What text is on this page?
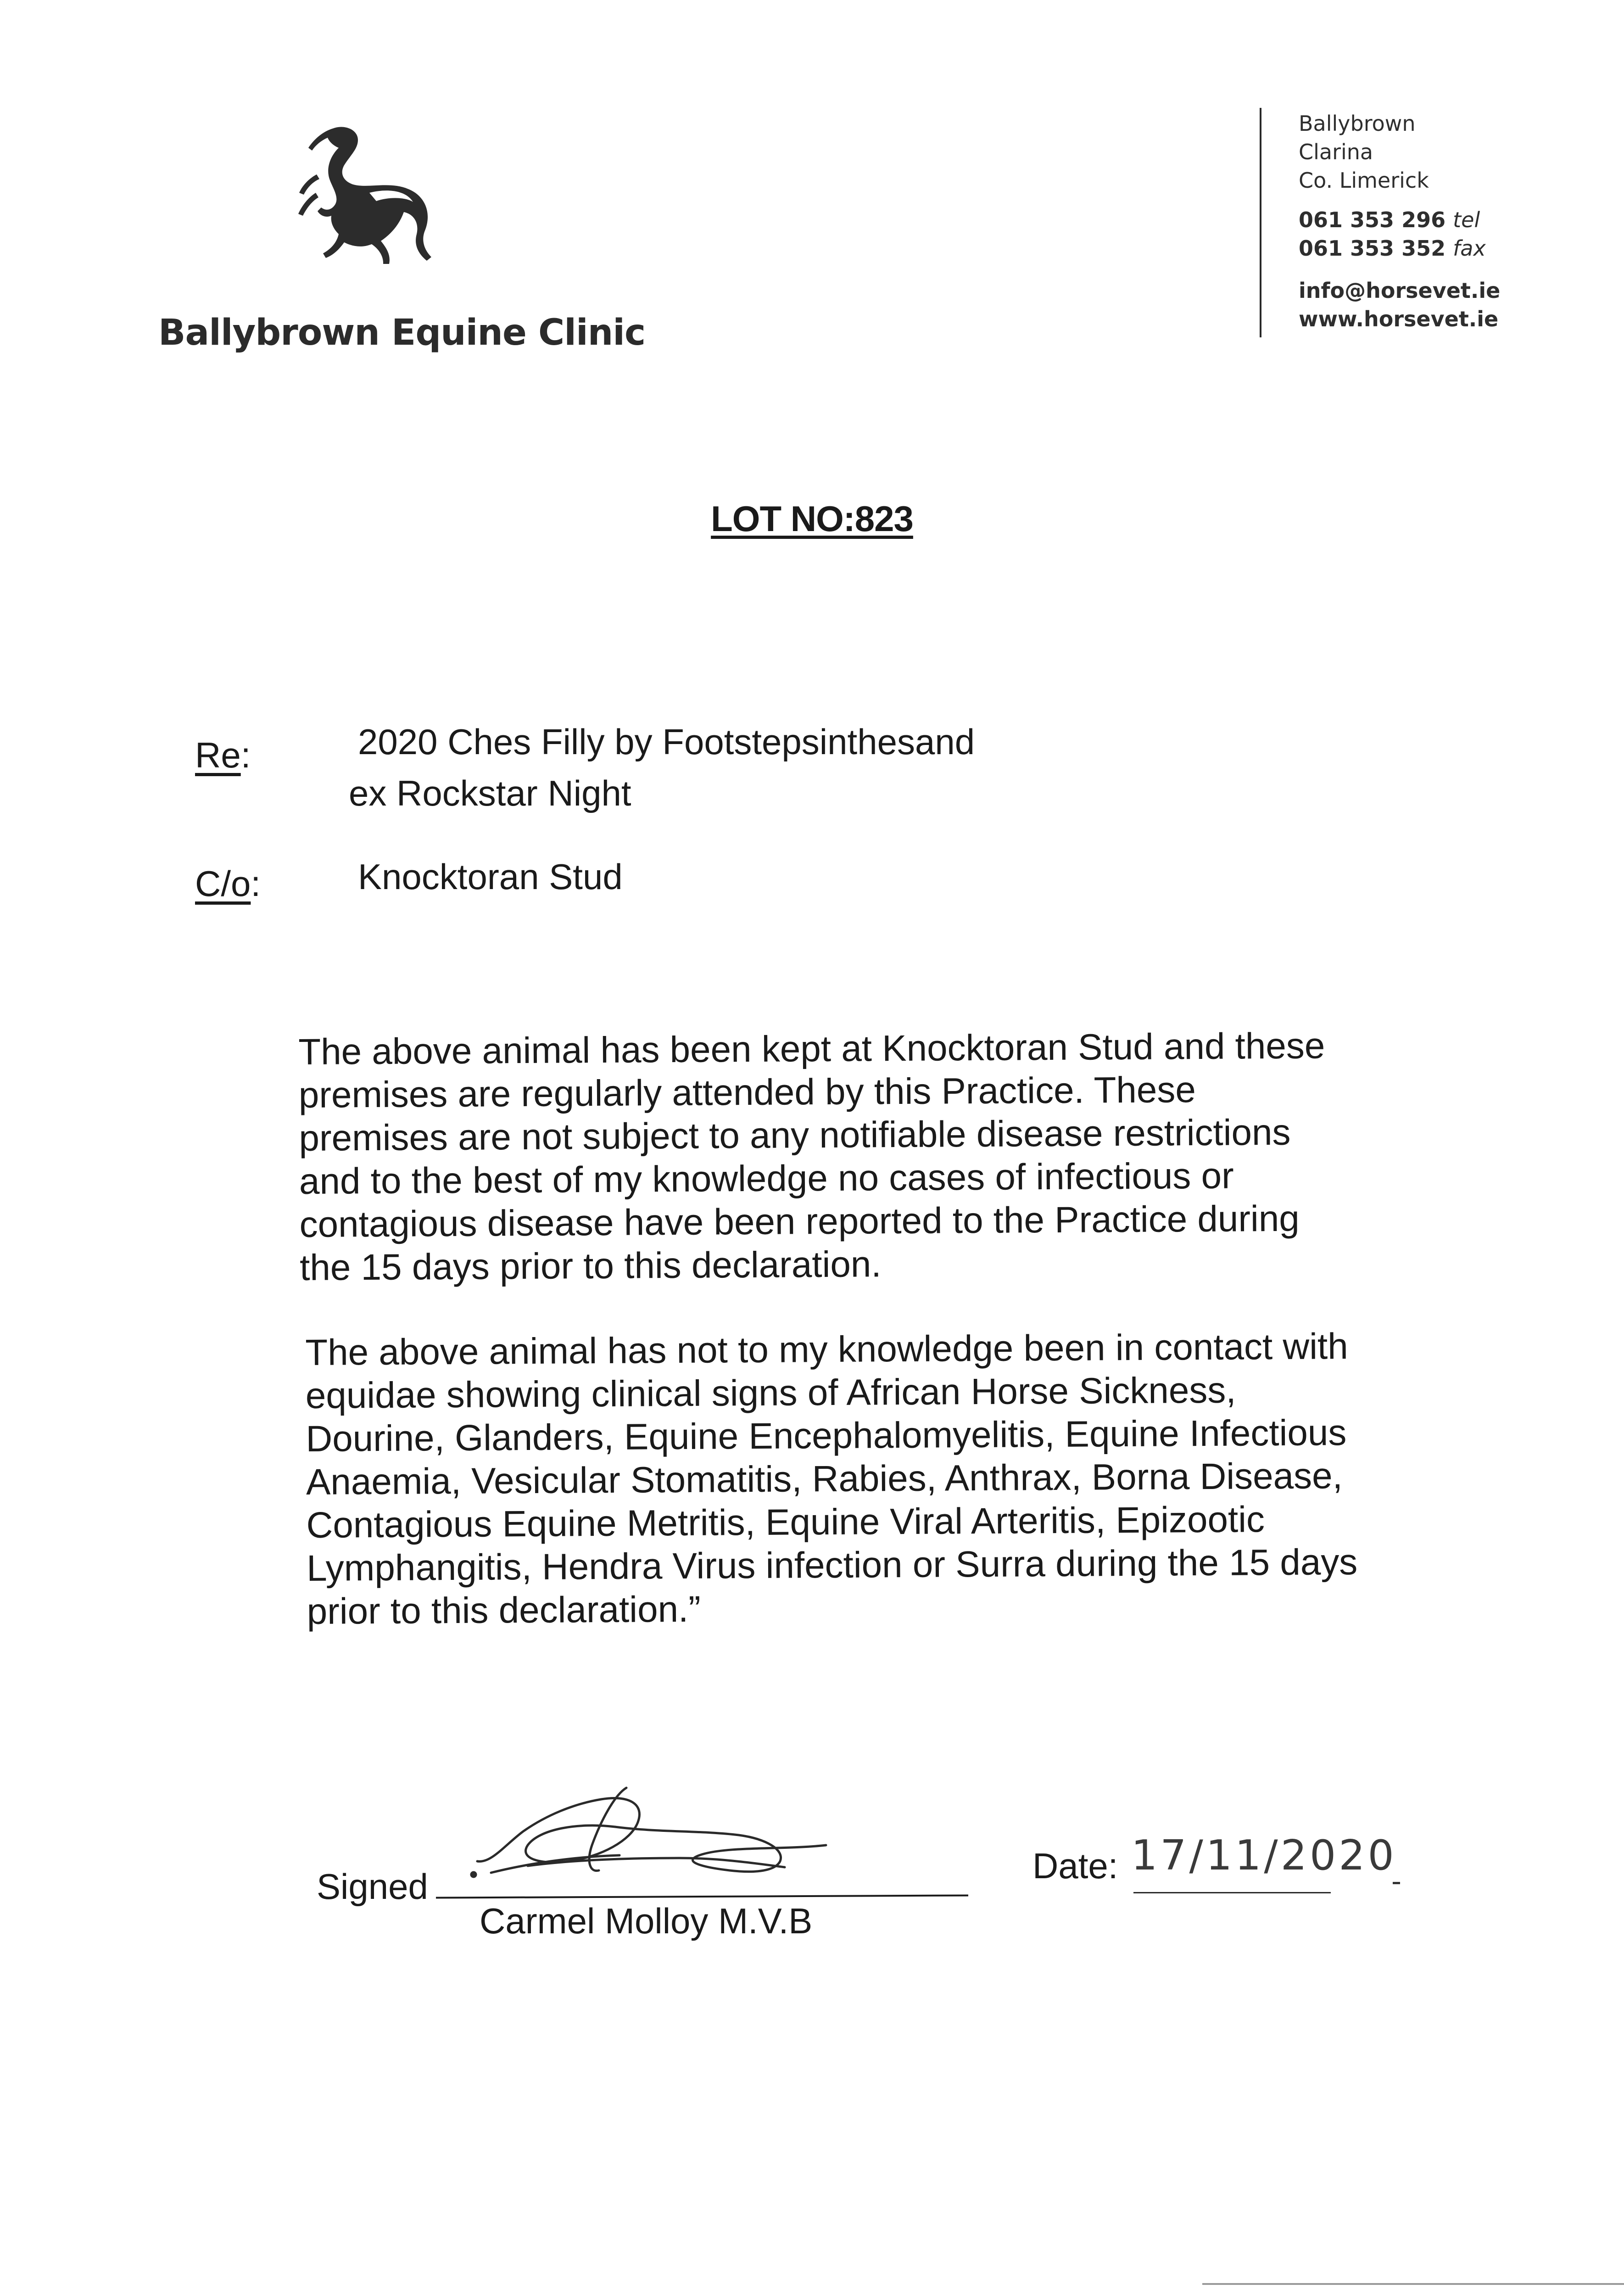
Ballybrown Equine Clinic
Ballybrown
Clarina
Co. Limerick
061 353 296 tel
061 353 352 fax
info@horsevet.ie
www.horsevet.ie
LOT NO:823
Re:	2020 Ches Filly by Footstepsinthesand
ex Rockstar Night
C/o:	Knocktoran Stud
The above animal has been kept at Knocktoran Stud and these premises are regularly attended by this Practice. These premises are not subject to any notifiable disease restrictions and to the best of my knowledge no cases of infectious or contagious disease have been reported to the Practice during the 15 days prior to this declaration.
The above animal has not to my knowledge been in contact with equidae showing clinical signs of African Horse Sickness, Dourine, Glanders, Equine Encephalomyelitis, Equine Infectious Anaemia, Vesicular Stomatitis, Rabies, Anthrax, Borna Disease, Contagious Equine Metritis, Equine Viral Arteritis, Epizootic Lymphangitis, Hendra Virus infection or Surra during the 15 days prior to this declaration.”
Signed
Carmel Molloy M.V.B
Date: 17/11/2020
